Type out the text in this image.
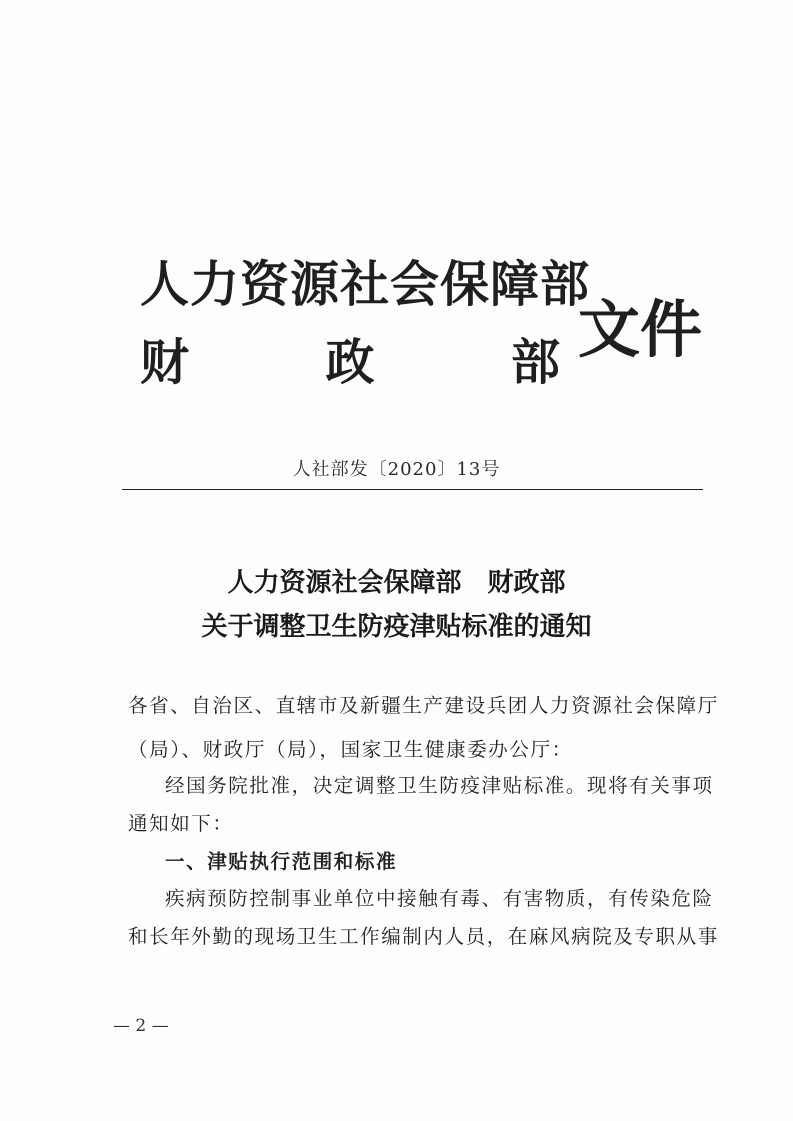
人力资源社会保障部
财	政	部 文件
人社部发〔2020〕13号
人力资源社会保障部　财政部
关于调整卫生防疫津贴标准的通知
各省、自治区、直辖市及新疆生产建设兵团人力资源社会保障厅
（局）、财政厅（局），国家卫生健康委办公厅：
经国务院批准，决定调整卫生防疫津贴标准。现将有关事项
通知如下：
一、津贴执行范围和标准
疾病预防控制事业单位中接触有毒、有害物质，有传染危险
和长年外勤的现场卫生工作编制内人员，在麻风病院及专职从事
— 2 —
